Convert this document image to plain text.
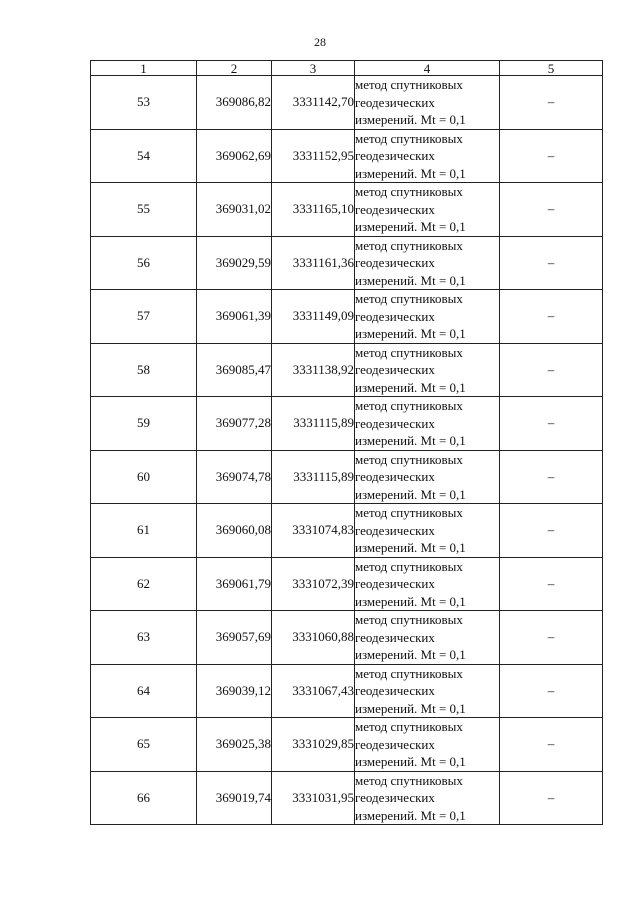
28
1	2	3	4	5
53	369086,82	3331142,70	метод спутниковых
геодезических
измерений. Mt = 0,1	–
54	369062,69	3331152,95	метод спутниковых
геодезических
измерений. Mt = 0,1	–
55	369031,02	3331165,10	метод спутниковых
геодезических
измерений. Mt = 0,1	–
56	369029,59	3331161,36	метод спутниковых
геодезических
измерений. Mt = 0,1	–
57	369061,39	3331149,09	метод спутниковых
геодезических
измерений. Mt = 0,1	–
58	369085,47	3331138,92	метод спутниковых
геодезических
измерений. Mt = 0,1	–
59	369077,28	3331115,89	метод спутниковых
геодезических
измерений. Mt = 0,1	–
60	369074,78	3331115,89	метод спутниковых
геодезических
измерений. Mt = 0,1	–
61	369060,08	3331074,83	метод спутниковых
геодезических
измерений. Mt = 0,1	–
62	369061,79	3331072,39	метод спутниковых
геодезических
измерений. Mt = 0,1	–
63	369057,69	3331060,88	метод спутниковых
геодезических
измерений. Mt = 0,1	–
64	369039,12	3331067,43	метод спутниковых
геодезических
измерений. Mt = 0,1	–
65	369025,38	3331029,85	метод спутниковых
геодезических
измерений. Mt = 0,1	–
66	369019,74	3331031,95	метод спутниковых
геодезических
измерений. Mt = 0,1	–
